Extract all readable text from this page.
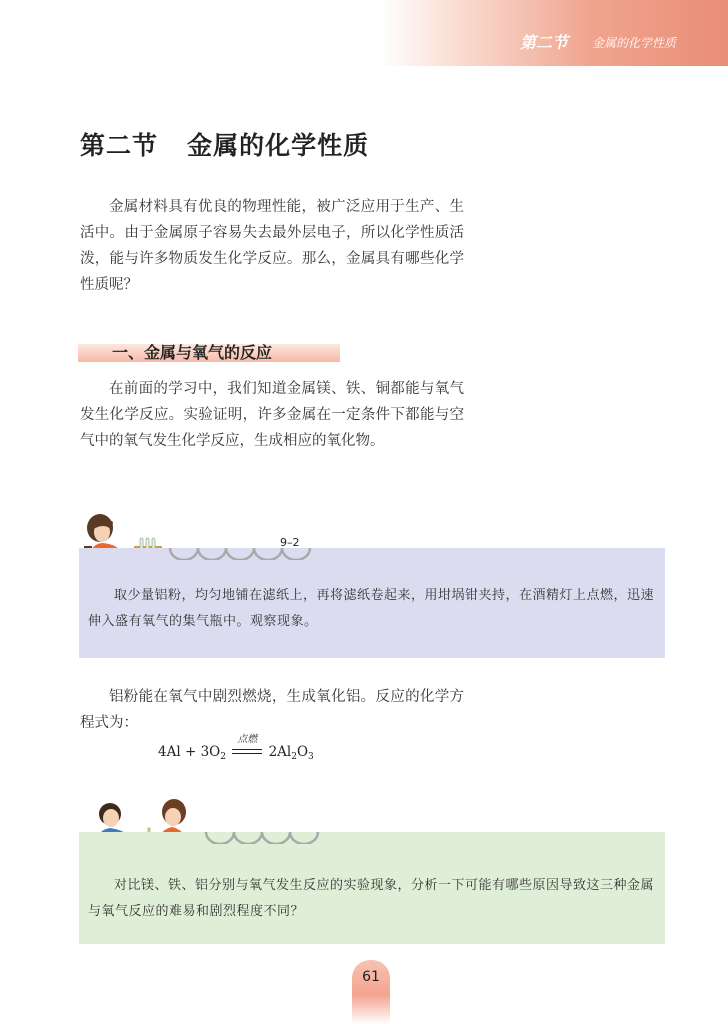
第二节 金属的化学性质
第二节   金属的化学性质
金属材料具有优良的物理性能，被广泛应用于生产、生活中。由于金属原子容易失去最外层电子，所以化学性质活泼，能与许多物质发生化学反应。那么，金属具有哪些化学性质呢？
一、金属与氧气的反应
在前面的学习中，我们知道金属镁、铁、铜都能与氧气发生化学反应。实验证明，许多金属在一定条件下都能与空气中的氧气发生化学反应，生成相应的氧化物。
9–2
取少量铝粉，均匀地铺在滤纸上，再将滤纸卷起来，用坩埚钳夹持，在酒精灯上点燃，迅速伸入盛有氧气的集气瓶中。观察现象。
铝粉能在氧气中剧烈燃烧，生成氧化铝。反应的化学方程式为：
$4Al + 3O_2$
点燃
$2Al_2O_3$
对比镁、铁、铝分别与氧气发生反应的实验现象，分析一下可能有哪些原因导致这三种金属与氧气反应的难易和剧烈程度不同？
61
